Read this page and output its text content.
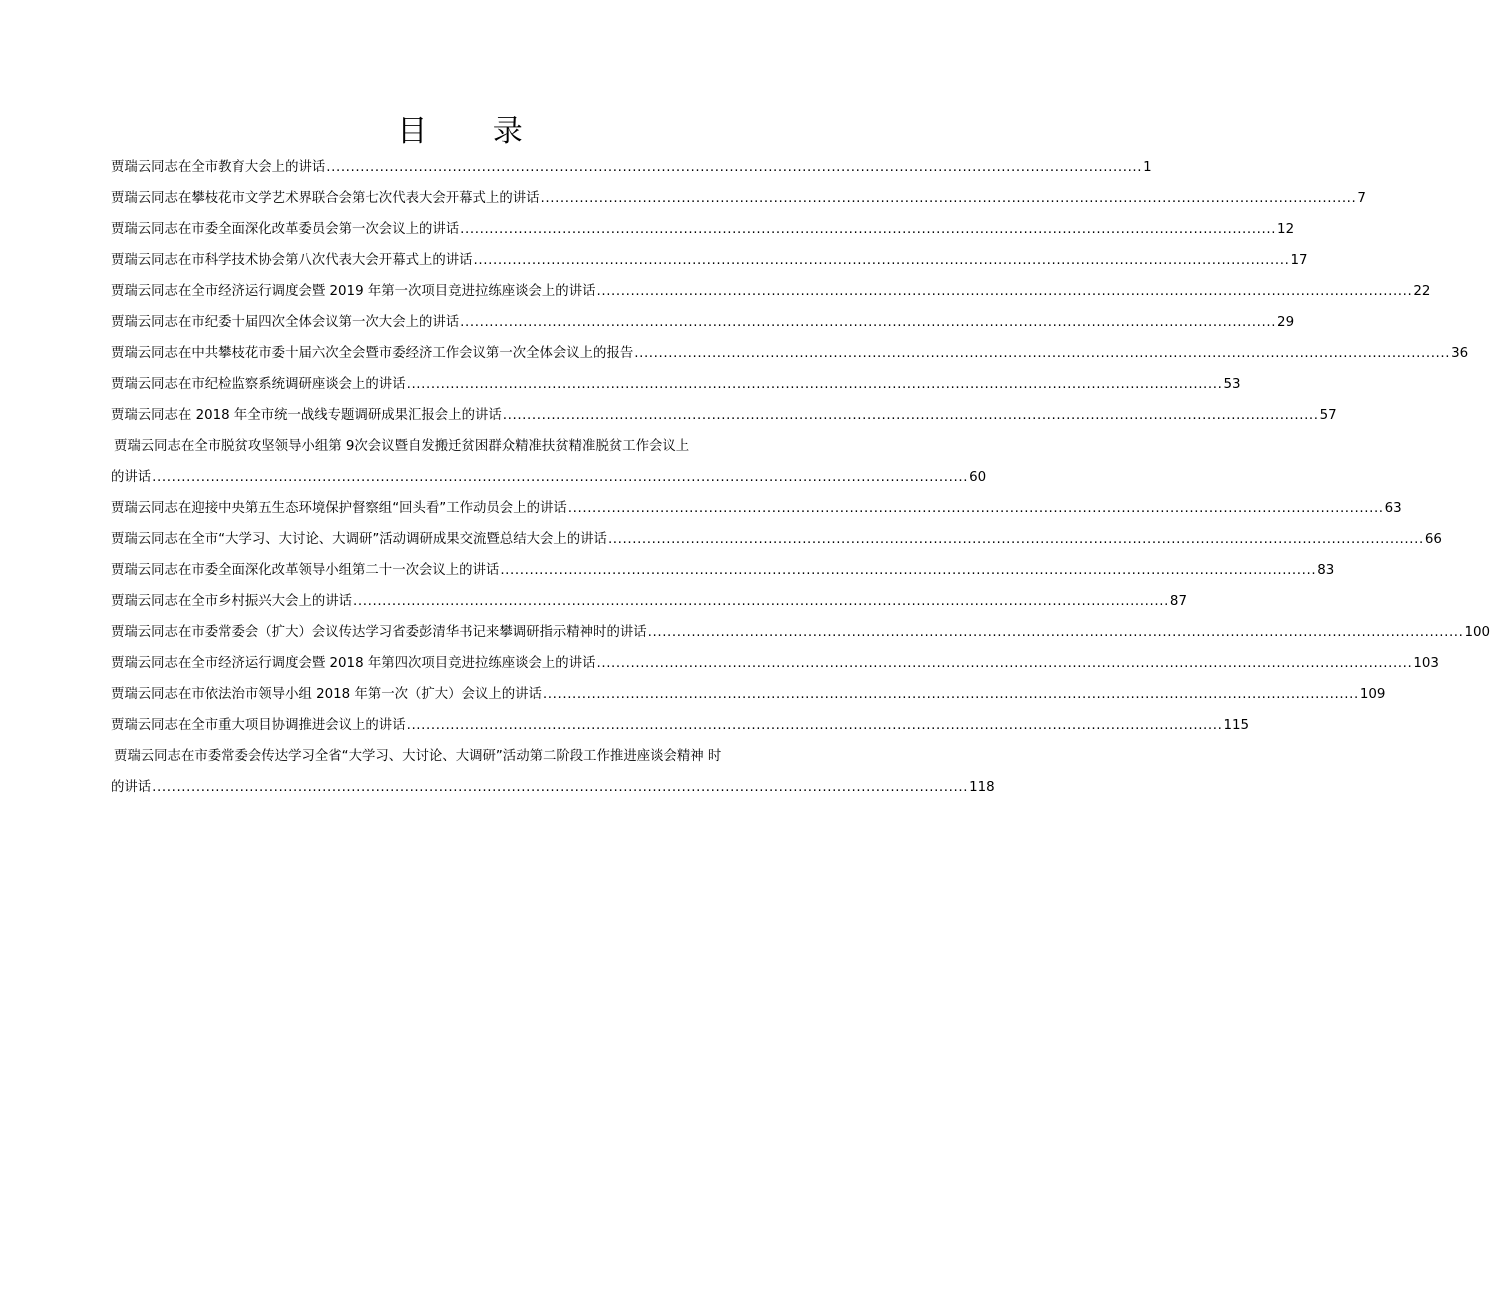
目 录
贾瑞云同志在全市教育大会上的讲话 ........................................................................................................................................................................ 1
贾瑞云同志在攀枝花市文学艺术界联合会第七次代表大会开幕式上的讲话 ........................................................................................................................................................................ 7
贾瑞云同志在市委全面深化改革委员会第一次会议上的讲话 ........................................................................................................................................................................ 12
贾瑞云同志在市科学技术协会第八次代表大会开幕式上的讲话 ........................................................................................................................................................................ 17
贾瑞云同志在全市经济运行调度会暨 2019 年第一次项目竞进拉练座谈会上的讲话 ........................................................................................................................................................................ 22
贾瑞云同志在市纪委十届四次全体会议第一次大会上的讲话 ........................................................................................................................................................................ 29
贾瑞云同志在中共攀枝花市委十届六次全会暨市委经济工作会议第一次全体会议上的报告 ........................................................................................................................................................................ 36
贾瑞云同志在市纪检监察系统调研座谈会上的讲话 ........................................................................................................................................................................ 53
贾瑞云同志在 2018 年全市统一战线专题调研成果汇报会上的讲话 ........................................................................................................................................................................ 57
贾瑞云同志在全市脱贫攻坚领导小组第 9次会议暨自发搬迁贫困群众精准扶贫精准脱贫工作会议上
的讲话 ........................................................................................................................................................................ 60
贾瑞云同志在迎接中央第五生态环境保护督察组“回头看”工作动员会上的讲话 ........................................................................................................................................................................ 63
贾瑞云同志在全市“大学习、大讨论、大调研”活动调研成果交流暨总结大会上的讲话 ........................................................................................................................................................................ 66
贾瑞云同志在市委全面深化改革领导小组第二十一次会议上的讲话 ........................................................................................................................................................................ 83
贾瑞云同志在全市乡村振兴大会上的讲话 ........................................................................................................................................................................ 87
贾瑞云同志在市委常委会（扩大）会议传达学习省委彭清华书记来攀调研指示精神时的讲话 ........................................................................................................................................................................ 100
贾瑞云同志在全市经济运行调度会暨 2018 年第四次项目竞进拉练座谈会上的讲话 ........................................................................................................................................................................ 103
贾瑞云同志在市依法治市领导小组 2018 年第一次（扩大）会议上的讲话 ........................................................................................................................................................................ 109
贾瑞云同志在全市重大项目协调推进会议上的讲话 ........................................................................................................................................................................ 115
贾瑞云同志在市委常委会传达学习全省“大学习、大讨论、大调研”活动第二阶段工作推进座谈会精神 时
的讲话 ........................................................................................................................................................................ 118
